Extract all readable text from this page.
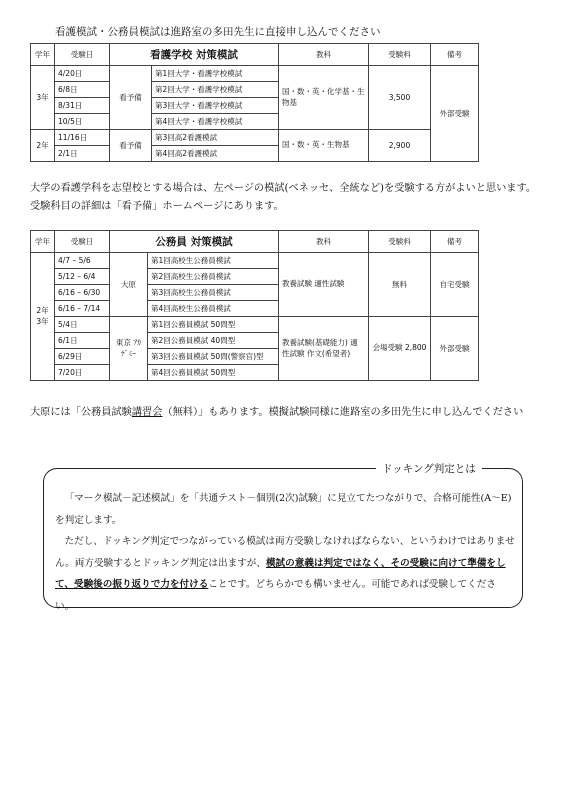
看護模試・公務員模試は進路室の多田先生に直接申し込んでください
学年	受験日	看護学校 対策模試		教科	受験料	備考
3年	4/20日	看予備	第1回大学・看護学校模試	国・数・英・化学基・生物基	3,500	外部受験
	6/8日		第2回大学・看護学校模試			
	8/31日		第3回大学・看護学校模試			
	10/5日		第4回大学・看護学校模試			
2年	11/16日	看予備	第3回高2看護模試	国・数・英・生物基	2,900	
	2/1日		第4回高2看護模試			
大学の看護学科を志望校とする場合は、左ページの模試(ベネッセ、全統など)を受験する方がよいと思います。
受験科目の詳細は「看予備」ホームページにあります。
学年	受験日	公務員 対策模試		教科	受験料	備考
2年 3年	4/7 – 5/6	大原	第1回高校生公務員模試	教養試験 適性試験	無料	自宅受験
	5/12 – 6/4		第2回高校生公務員模試			
	6/16 – 6/30		第3回高校生公務員模試			
	6/16 – 7/14		第4回高校生公務員模試			
	5/4日	東京 ｱｶﾃﾞﾐｰ	第1回公務員模試 50問型	教養試験(基礎能力) 適性試験 作文(希望者)	会場受験 2,800	外部受験
	6/1日		第2回公務員模試 40問型			
	6/29日		第3回公務員模試 50問(警察官)型			
	7/20日		第4回公務員模試 50問型			
大原には「公務員試験講習会（無料）」もあります。模擬試験同様に進路室の多田先生に申し込んでください
ドッキング判定とは

「マーク模試－記述模試」を「共通テスト－個別(2次)試験」に見立てたつながりで、合格可能性(A～E)を判定します。

ただし、ドッキング判定でつながっている模試は両方受験しなければならない、というわけではありません。両方受験するとドッキング判定は出ますが、模試の意義は判定ではなく、その受験に向けて準備をして、受験後の振り返りで力を付けることです。どちらかでも構いません。可能であれば受験してください。
